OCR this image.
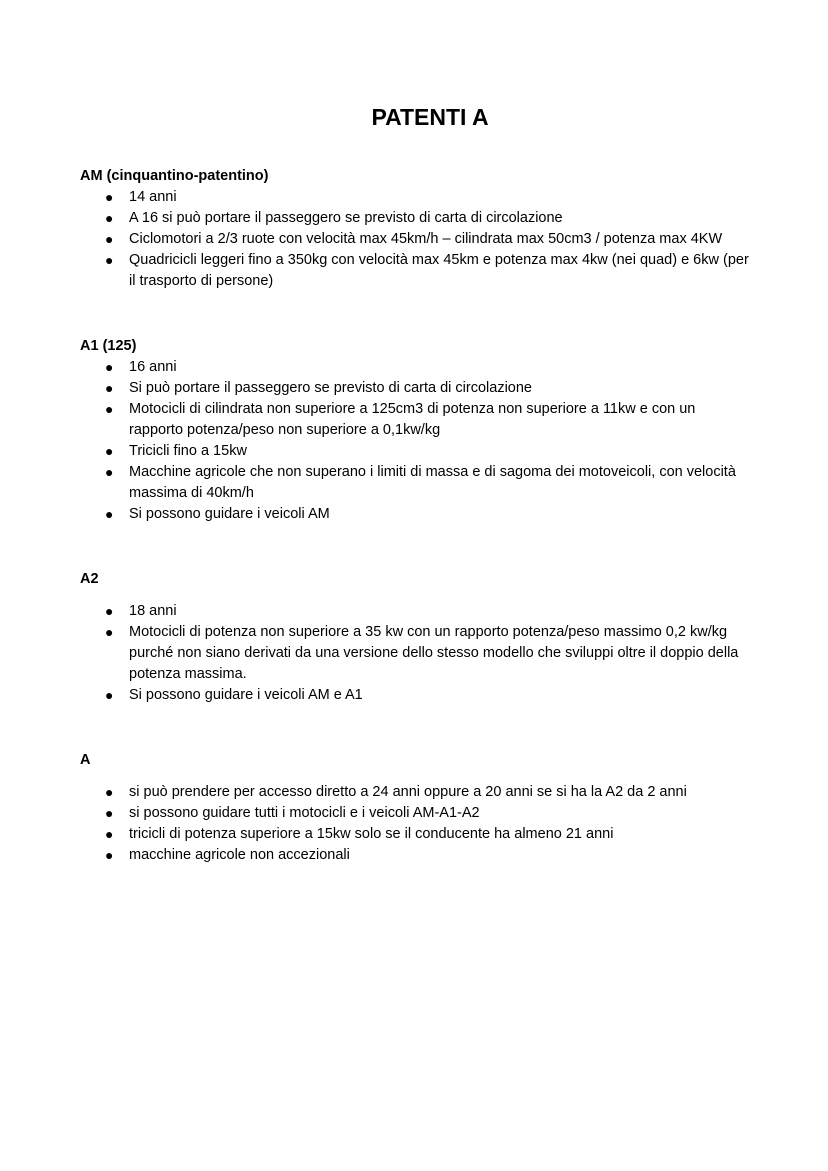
PATENTI A
AM (cinquantino-patentino)
● 14 anni
● A 16 si può portare il passeggero se previsto di carta di circolazione
● Ciclomotori a 2/3 ruote con velocità max 45km/h – cilindrata max 50cm3 / potenza max 4KW
● Quadricicli leggeri fino a 350kg con velocità max 45km e potenza max 4kw (nei quad) e 6kw (per il trasporto di persone)
A1 (125)
● 16 anni
● Si può portare il passeggero se previsto di carta di circolazione
● Motocicli di cilindrata non superiore a 125cm3 di potenza non superiore a 11kw e con un rapporto potenza/peso non superiore a 0,1kw/kg
● Tricicli fino a 15kw
● Macchine agricole che non superano i limiti di massa e di sagoma dei motoveicoli, con velocità massima di 40km/h
● Si possono guidare i veicoli AM
A2
● 18 anni
● Motocicli di potenza non superiore a 35 kw con un rapporto potenza/peso massimo 0,2 kw/kg purché non siano derivati da una versione dello stesso modello che sviluppi oltre il doppio della potenza massima.
● Si possono guidare i veicoli AM e A1
A
● si può prendere per accesso diretto a 24 anni oppure a 20 anni se si ha la A2 da 2 anni
● si possono guidare tutti i motocicli e i veicoli AM-A1-A2
● tricicli di potenza superiore a 15kw solo se il conducente ha almeno 21 anni
● macchine agricole non accezionali
